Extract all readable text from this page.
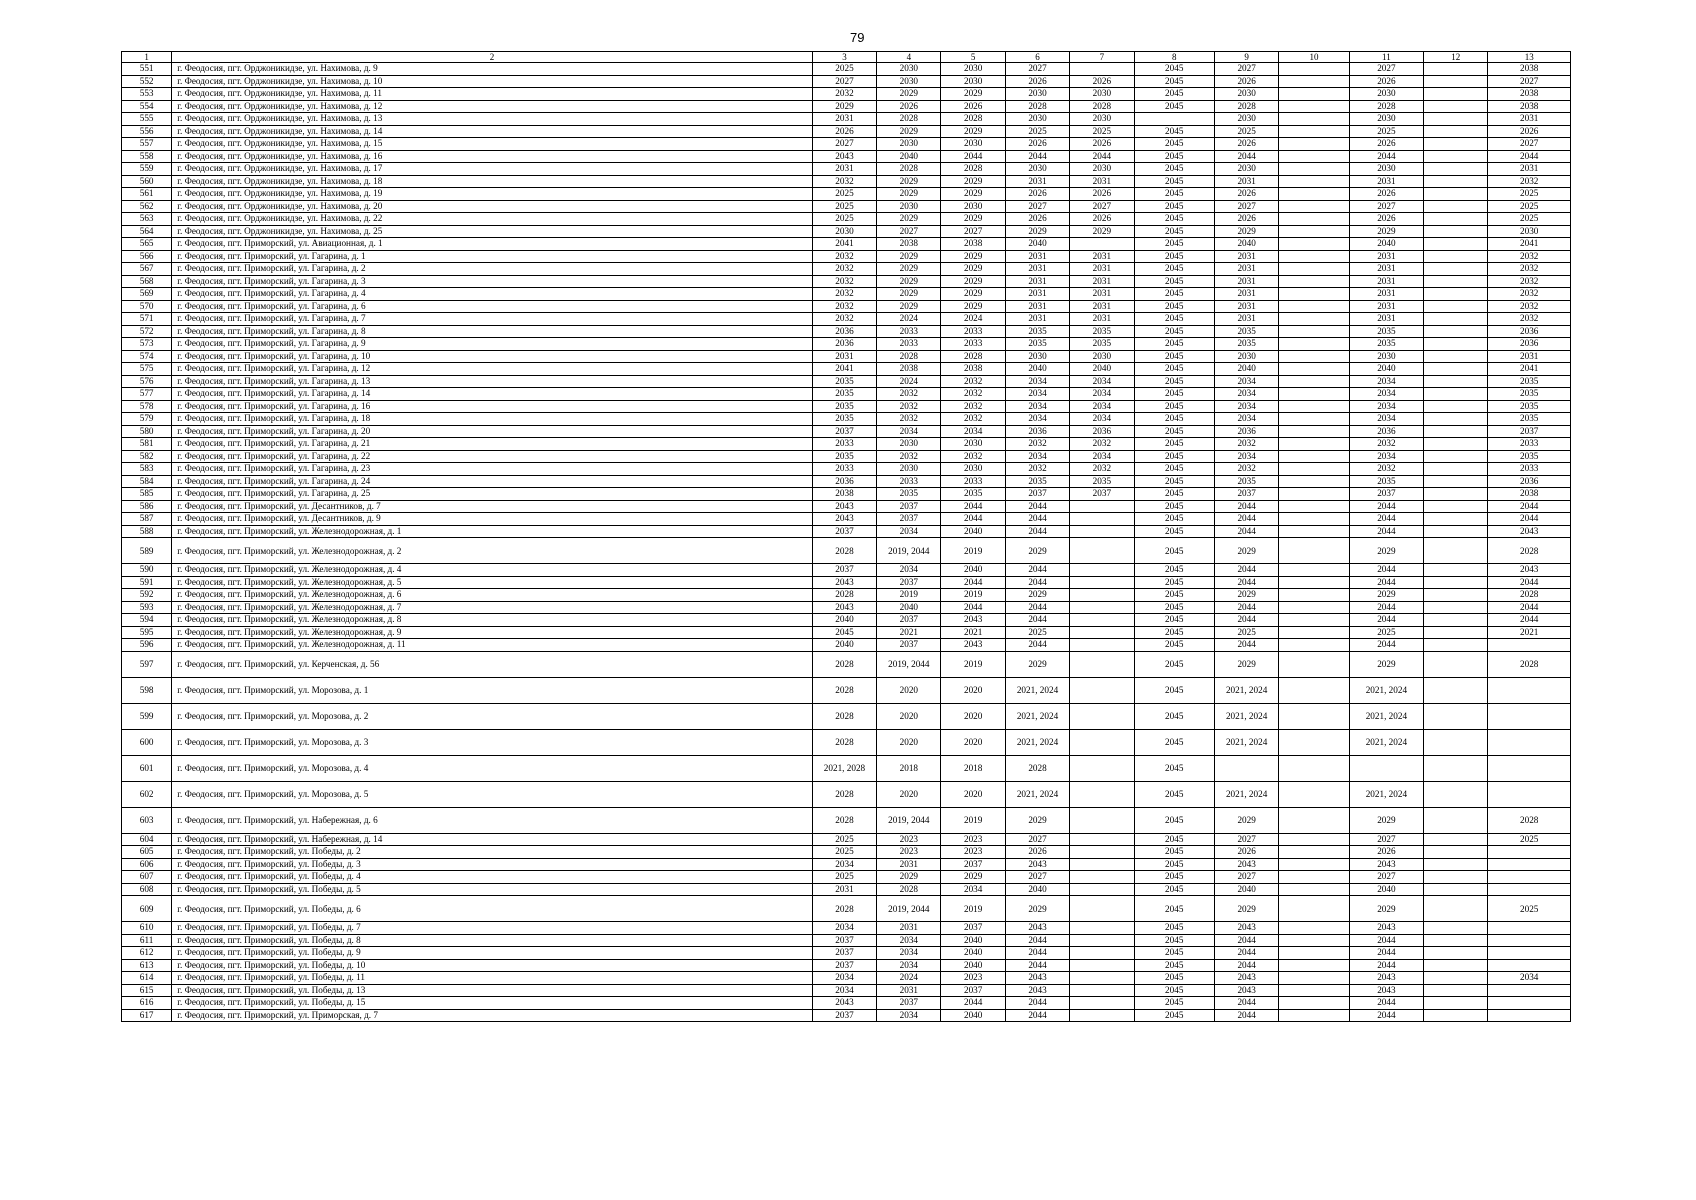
79
1	2	3	4	5	6	7	8	9	10	11	12	13
551	г. Феодосия, пгт. Орджоникидзе, ул. Нахимова, д. 9	2025	2030	2030	2027		2045	2027		2027		2038
552	г. Феодосия, пгт. Орджоникидзе, ул. Нахимова, д. 10	2027	2030	2030	2026	2026	2045	2026		2026		2027
553	г. Феодосия, пгт. Орджоникидзе, ул. Нахимова, д. 11	2032	2029	2029	2030	2030	2045	2030		2030		2038
554	г. Феодосия, пгт. Орджоникидзе, ул. Нахимова, д. 12	2029	2026	2026	2028	2028	2045	2028		2028		2038
555	г. Феодосия, пгт. Орджоникидзе, ул. Нахимова, д. 13	2031	2028	2028	2030	2030		2030		2030		2031
556	г. Феодосия, пгт. Орджоникидзе, ул. Нахимова, д. 14	2026	2029	2029	2025	2025	2045	2025		2025		2026
557	г. Феодосия, пгт. Орджоникидзе, ул. Нахимова, д. 15	2027	2030	2030	2026	2026	2045	2026		2026		2027
558	г. Феодосия, пгт. Орджоникидзе, ул. Нахимова, д. 16	2043	2040	2044	2044	2044	2045	2044		2044		2044
559	г. Феодосия, пгт. Орджоникидзе, ул. Нахимова, д. 17	2031	2028	2028	2030	2030	2045	2030		2030		2031
560	г. Феодосия, пгт. Орджоникидзе, ул. Нахимова, д. 18	2032	2029	2029	2031	2031	2045	2031		2031		2032
561	г. Феодосия, пгт. Орджоникидзе, ул. Нахимова, д. 19	2025	2029	2029	2026	2026	2045	2026		2026		2025
562	г. Феодосия, пгт. Орджоникидзе, ул. Нахимова, д. 20	2025	2030	2030	2027	2027	2045	2027		2027		2025
563	г. Феодосия, пгт. Орджоникидзе, ул. Нахимова, д. 22	2025	2029	2029	2026	2026	2045	2026		2026		2025
564	г. Феодосия, пгт. Орджоникидзе, ул. Нахимова, д. 25	2030	2027	2027	2029	2029	2045	2029		2029		2030
565	г. Феодосия, пгт. Приморский, ул. Авиационная, д. 1	2041	2038	2038	2040		2045	2040		2040		2041
566	г. Феодосия, пгт. Приморский, ул. Гагарина, д. 1	2032	2029	2029	2031	2031	2045	2031		2031		2032
567	г. Феодосия, пгт. Приморский, ул. Гагарина, д. 2	2032	2029	2029	2031	2031	2045	2031		2031		2032
568	г. Феодосия, пгт. Приморский, ул. Гагарина, д. 3	2032	2029	2029	2031	2031	2045	2031		2031		2032
569	г. Феодосия, пгт. Приморский, ул. Гагарина, д. 4	2032	2029	2029	2031	2031	2045	2031		2031		2032
570	г. Феодосия, пгт. Приморский, ул. Гагарина, д. 6	2032	2029	2029	2031	2031	2045	2031		2031		2032
571	г. Феодосия, пгт. Приморский, ул. Гагарина, д. 7	2032	2024	2024	2031	2031	2045	2031		2031		2032
572	г. Феодосия, пгт. Приморский, ул. Гагарина, д. 8	2036	2033	2033	2035	2035	2045	2035		2035		2036
573	г. Феодосия, пгт. Приморский, ул. Гагарина, д. 9	2036	2033	2033	2035	2035	2045	2035		2035		2036
574	г. Феодосия, пгт. Приморский, ул. Гагарина, д. 10	2031	2028	2028	2030	2030	2045	2030		2030		2031
575	г. Феодосия, пгт. Приморский, ул. Гагарина, д. 12	2041	2038	2038	2040	2040	2045	2040		2040		2041
576	г. Феодосия, пгт. Приморский, ул. Гагарина, д. 13	2035	2024	2032	2034	2034	2045	2034		2034		2035
577	г. Феодосия, пгт. Приморский, ул. Гагарина, д. 14	2035	2032	2032	2034	2034	2045	2034		2034		2035
578	г. Феодосия, пгт. Приморский, ул. Гагарина, д. 16	2035	2032	2032	2034	2034	2045	2034		2034		2035
579	г. Феодосия, пгт. Приморский, ул. Гагарина, д. 18	2035	2032	2032	2034	2034	2045	2034		2034		2035
580	г. Феодосия, пгт. Приморский, ул. Гагарина, д. 20	2037	2034	2034	2036	2036	2045	2036		2036		2037
581	г. Феодосия, пгт. Приморский, ул. Гагарина, д. 21	2033	2030	2030	2032	2032	2045	2032		2032		2033
582	г. Феодосия, пгт. Приморский, ул. Гагарина, д. 22	2035	2032	2032	2034	2034	2045	2034		2034		2035
583	г. Феодосия, пгт. Приморский, ул. Гагарина, д. 23	2033	2030	2030	2032	2032	2045	2032		2032		2033
584	г. Феодосия, пгт. Приморский, ул. Гагарина, д. 24	2036	2033	2033	2035	2035	2045	2035		2035		2036
585	г. Феодосия, пгт. Приморский, ул. Гагарина, д. 25	2038	2035	2035	2037	2037	2045	2037		2037		2038
586	г. Феодосия, пгт. Приморский, ул. Десантников, д. 7	2043	2037	2044	2044		2045	2044		2044		2044
587	г. Феодосия, пгт. Приморский, ул. Десантников, д. 9	2043	2037	2044	2044		2045	2044		2044		2044
588	г. Феодосия, пгт. Приморский, ул. Железнодорожная, д. 1	2037	2034	2040	2044		2045	2044		2044		2043
589	г. Феодосия, пгт. Приморский, ул. Железнодорожная, д. 2	2028	2019, 2044	2019	2029		2045	2029		2029		2028
590	г. Феодосия, пгт. Приморский, ул. Железнодорожная, д. 4	2037	2034	2040	2044		2045	2044		2044		2043
591	г. Феодосия, пгт. Приморский, ул. Железнодорожная, д. 5	2043	2037	2044	2044		2045	2044		2044		2044
592	г. Феодосия, пгт. Приморский, ул. Железнодорожная, д. 6	2028	2019	2019	2029		2045	2029		2029		2028
593	г. Феодосия, пгт. Приморский, ул. Железнодорожная, д. 7	2043	2040	2044	2044		2045	2044		2044		2044
594	г. Феодосия, пгт. Приморский, ул. Железнодорожная, д. 8	2040	2037	2043	2044		2045	2044		2044		2044
595	г. Феодосия, пгт. Приморский, ул. Железнодорожная, д. 9	2045	2021	2021	2025		2045	2025		2025		2021
596	г. Феодосия, пгт. Приморский, ул. Железнодорожная, д. 11	2040	2037	2043	2044		2045	2044		2044		
597	г. Феодосия, пгт. Приморский, ул. Керченская, д. 56	2028	2019, 2044	2019	2029		2045	2029		2029		2028
598	г. Феодосия, пгт. Приморский, ул. Морозова, д. 1	2028	2020	2020	2021, 2024		2045	2021, 2024		2021, 2024		
599	г. Феодосия, пгт. Приморский, ул. Морозова, д. 2	2028	2020	2020	2021, 2024		2045	2021, 2024		2021, 2024		
600	г. Феодосия, пгт. Приморский, ул. Морозова, д. 3	2028	2020	2020	2021, 2024		2045	2021, 2024		2021, 2024		
601	г. Феодосия, пгт. Приморский, ул. Морозова, д. 4	2021, 2028	2018	2018	2028		2045					
602	г. Феодосия, пгт. Приморский, ул. Морозова, д. 5	2028	2020	2020	2021, 2024		2045	2021, 2024		2021, 2024		
603	г. Феодосия, пгт. Приморский, ул. Набережная, д. 6	2028	2019, 2044	2019	2029		2045	2029		2029		2028
604	г. Феодосия, пгт. Приморский, ул. Набережная, д. 14	2025	2023	2023	2027		2045	2027		2027		2025
605	г. Феодосия, пгт. Приморский, ул. Победы, д. 2	2025	2023	2023	2026		2045	2026		2026		
606	г. Феодосия, пгт. Приморский, ул. Победы, д. 3	2034	2031	2037	2043		2045	2043		2043		
607	г. Феодосия, пгт. Приморский, ул. Победы, д. 4	2025	2029	2029	2027		2045	2027		2027		
608	г. Феодосия, пгт. Приморский, ул. Победы, д. 5	2031	2028	2034	2040		2045	2040		2040		
609	г. Феодосия, пгт. Приморский, ул. Победы, д. 6	2028	2019, 2044	2019	2029		2045	2029		2029		2025
610	г. Феодосия, пгт. Приморский, ул. Победы, д. 7	2034	2031	2037	2043		2045	2043		2043		
611	г. Феодосия, пгт. Приморский, ул. Победы, д. 8	2037	2034	2040	2044		2045	2044		2044		
612	г. Феодосия, пгт. Приморский, ул. Победы, д. 9	2037	2034	2040	2044		2045	2044		2044		
613	г. Феодосия, пгт. Приморский, ул. Победы, д. 10	2037	2034	2040	2044		2045	2044		2044		
614	г. Феодосия, пгт. Приморский, ул. Победы, д. 11	2034	2024	2023	2043		2045	2043		2043		2034
615	г. Феодосия, пгт. Приморский, ул. Победы, д. 13	2034	2031	2037	2043		2045	2043		2043		
616	г. Феодосия, пгт. Приморский, ул. Победы, д. 15	2043	2037	2044	2044		2045	2044		2044		
617	г. Феодосия, пгт. Приморский, ул. Приморская, д. 7	2037	2034	2040	2044		2045	2044		2044		
